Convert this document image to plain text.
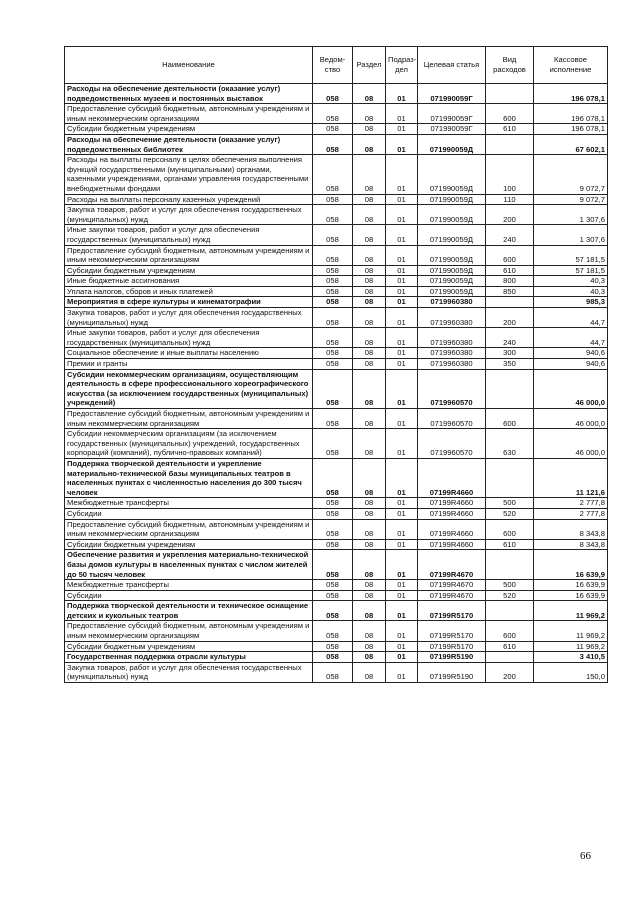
Наименование	Ведом-ство	Раздел	Подраз-дел	Целевая статья	Вид расходов	Кассовое исполнение
Расходы на обеспечение деятельности (оказание услуг) подведомственных музеев и постоянных выставок	058	08	01	071990059Г		196 078,1
Предоставление субсидий бюджетным, автономным учреждениям и иным некоммерческим организациям	058	08	01	071990059Г	600	196 078,1
Субсидии бюджетным учреждениям	058	08	01	071990059Г	610	196 078,1
Расходы на обеспечение деятельности (оказание услуг) подведомственных библиотек	058	08	01	071990059Д		67 602,1
Расходы на выплаты персоналу в целях обеспечения выполнения функций государственными (муниципальными) органами, казенными учреждениями, органами управления государственными внебюджетными фондами	058	08	01	071990059Д	100	9 072,7
Расходы на выплаты персоналу казенных учреждений	058	08	01	071990059Д	110	9 072,7
Закупка товаров, работ и услуг для обеспечения государственных (муниципальных) нужд	058	08	01	071990059Д	200	1 307,6
Иные закупки товаров, работ и услуг для обеспечения государственных (муниципальных) нужд	058	08	01	071990059Д	240	1 307,6
Предоставление субсидий бюджетным, автономным учреждениям и иным некоммерческим организациям	058	08	01	071990059Д	600	57 181,5
Субсидии бюджетным учреждениям	058	08	01	071990059Д	610	57 181,5
Иные бюджетные ассигнования	058	08	01	071990059Д	800	40,3
Уплата налогов, сборов и иных платежей	058	08	01	071990059Д	850	40,3
Мероприятия в сфере культуры и кинематографии	058	08	01	0719960380		985,3
Закупка товаров, работ и услуг для обеспечения государственных (муниципальных) нужд	058	08	01	0719960380	200	44,7
Иные закупки товаров, работ и услуг для обеспечения государственных (муниципальных) нужд	058	08	01	0719960380	240	44,7
Социальное обеспечение и иные выплаты населению	058	08	01	0719960380	300	940,6
Премии и гранты	058	08	01	0719960380	350	940,6
Субсидии некоммерческим организациям, осуществляющим деятельность в сфере профессионального хореографического искусства (за исключением государственных (муниципальных) учреждений)	058	08	01	0719960570		46 000,0
Предоставление субсидий бюджетным, автономным учреждениям и иным некоммерческим организациям	058	08	01	0719960570	600	46 000,0
Субсидии некоммерческим организациям (за исключением государственных (муниципальных) учреждений, государственных корпораций (компаний), публично-правовых компаний)	058	08	01	0719960570	630	46 000,0
Поддержка творческой деятельности и укрепление материально-технической базы муниципальных театров в населенных пунктах с численностью населения до 300 тысяч человек	058	08	01	07199R4660		11 121,6
Межбюджетные трансферты	058	08	01	07199R4660	500	2 777,8
Субсидии	058	08	01	07199R4660	520	2 777,8
Предоставление субсидий бюджетным, автономным учреждениям и иным некоммерческим организациям	058	08	01	07199R4660	600	8 343,8
Субсидии бюджетным учреждениям	058	08	01	07199R4660	610	8 343,8
Обеспечение развития и укрепления материально-технической базы домов культуры в населенных пунктах с числом жителей до 50 тысяч человек	058	08	01	07199R4670		16 639,9
Межбюджетные трансферты	058	08	01	07199R4670	500	16 639,9
Субсидии	058	08	01	07199R4670	520	16 639,9
Поддержка творческой деятельности и техническое оснащение детских и кукольных театров	058	08	01	07199R5170		11 969,2
Предоставление субсидий бюджетным, автономным учреждениям и иным некоммерческим организациям	058	08	01	07199R5170	600	11 969,2
Субсидии бюджетным учреждениям	058	08	01	07199R5170	610	11 969,2
Государственная поддержка отрасли культуры	058	08	01	07199R5190		3 410,5
Закупка товаров, работ и услуг для обеспечения государственных (муниципальных) нужд	058	08	01	07199R5190	200	150,0
66
